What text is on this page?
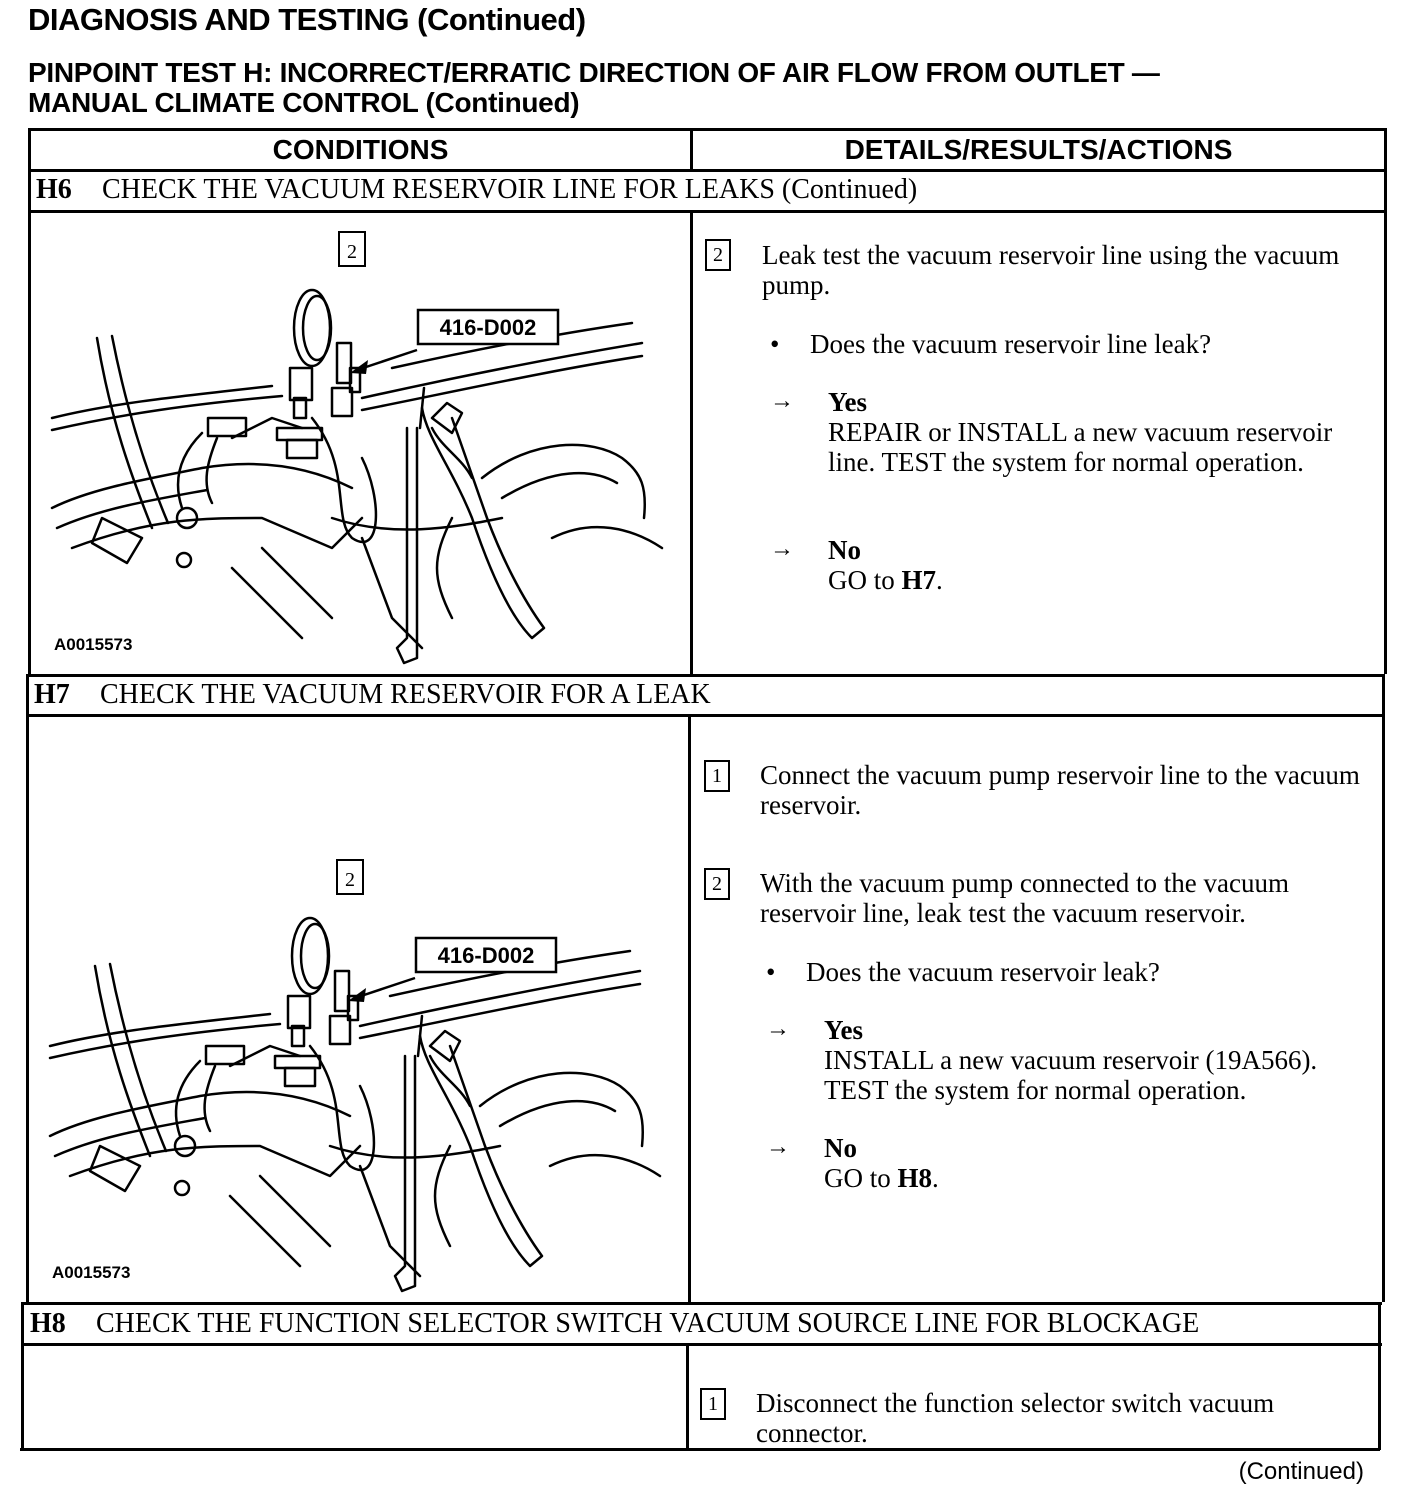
DIAGNOSIS AND TESTING (Continued)
PINPOINT TEST H: INCORRECT/ERRATIC DIRECTION OF AIR FLOW FROM OUTLET —
MANUAL CLIMATE CONTROL (Continued)
CONDITIONS	DETAILS/RESULTS/ACTIONS
H6 CHECK THE VACUUM RESERVOIR LINE FOR LEAKS (Continued)
2
416-D002
A0015573
2 Leak test the vacuum reservoir line using the vacuum pump.
• Does the vacuum reservoir line leak?
→ Yes
REPAIR or INSTALL a new vacuum reservoir line. TEST the system for normal operation.
→ No
GO to H7.
H7 CHECK THE VACUUM RESERVOIR FOR A LEAK
2
416-D002
A0015573
1 Connect the vacuum pump reservoir line to the vacuum reservoir.
2 With the vacuum pump connected to the vacuum reservoir line, leak test the vacuum reservoir.
• Does the vacuum reservoir leak?
→ Yes
INSTALL a new vacuum reservoir (19A566). TEST the system for normal operation.
→ No
GO to H8.
H8 CHECK THE FUNCTION SELECTOR SWITCH VACUUM SOURCE LINE FOR BLOCKAGE
1 Disconnect the function selector switch vacuum connector.
(Continued)
